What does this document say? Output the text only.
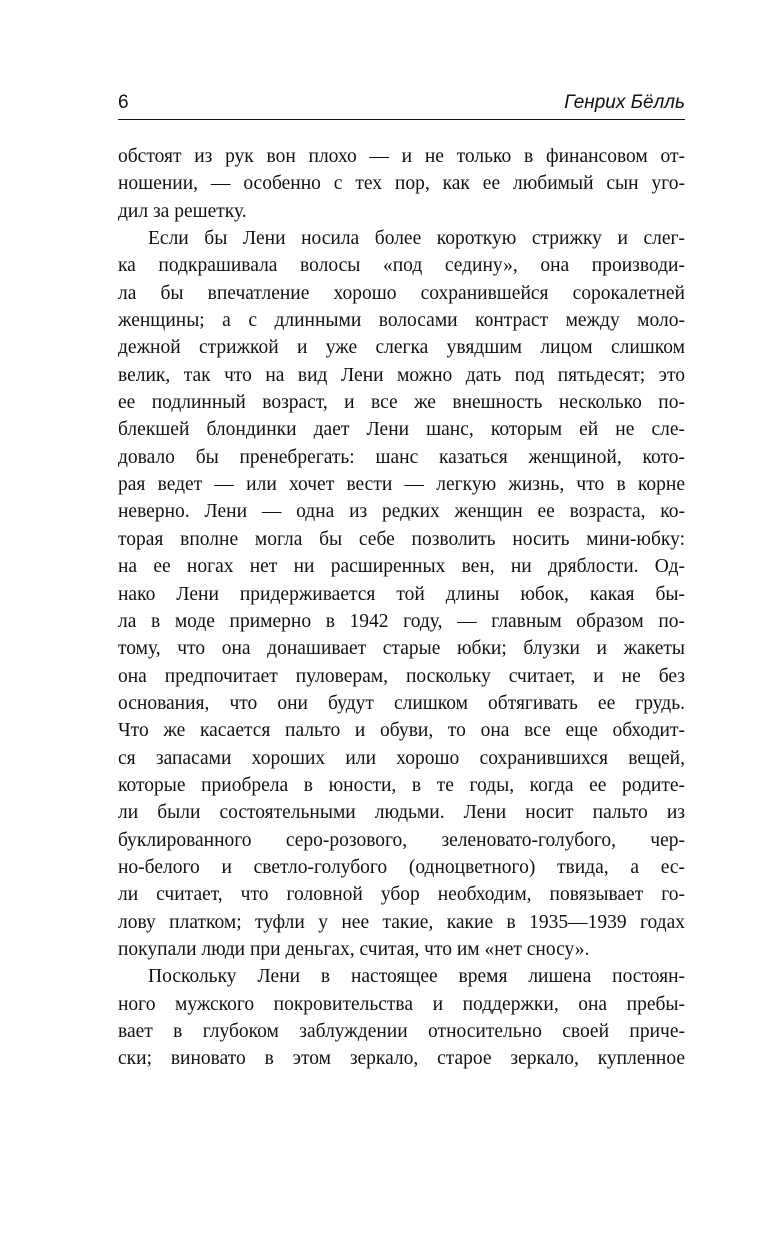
6	Генрих Бёлль
обстоят из рук вон плохо — и не только в финансовом от-
ношении, — особенно с тех пор, как ее любимый сын уго-
дил за решетку.
Если бы Лени носила более короткую стрижку и слег-
ка подкрашивала волосы «под седину», она производи-
ла бы впечатление хорошо сохранившейся сорокалетней
женщины; а с длинными волосами контраст между моло-
дежной стрижкой и уже слегка увядшим лицом слишком
велик, так что на вид Лени можно дать под пятьдесят; это
ее подлинный возраст, и все же внешность несколько по-
блекшей блондинки дает Лени шанс, которым ей не сле-
довало бы пренебрегать: шанс казаться женщиной, кото-
рая ведет — или хочет вести — легкую жизнь, что в корне
неверно. Лени — одна из редких женщин ее возраста, ко-
торая вполне могла бы себе позволить носить мини-юбку:
на ее ногах нет ни расширенных вен, ни дряблости. Од-
нако Лени придерживается той длины юбок, какая бы-
ла в моде примерно в 1942 году, — главным образом по-
тому, что она донашивает старые юбки; блузки и жакеты
она предпочитает пуловерам, поскольку считает, и не без
основания, что они будут слишком обтягивать ее грудь.
Что же касается пальто и обуви, то она все еще обходит-
ся запасами хороших или хорошо сохранившихся вещей,
которые приобрела в юности, в те годы, когда ее родите-
ли были состоятельными людьми. Лени носит пальто из
буклированного серо-розового, зеленовато-голубого, чер-
но-белого и светло-голубого (одноцветного) твида, а ес-
ли считает, что головной убор необходим, повязывает го-
лову платком; туфли у нее такие, какие в 1935—1939 годах
покупали люди при деньгах, считая, что им «нет сносу».
Поскольку Лени в настоящее время лишена постоян-
ного мужского покровительства и поддержки, она пребы-
вает в глубоком заблуждении относительно своей приче-
ски; виновато в этом зеркало, старое зеркало, купленное
